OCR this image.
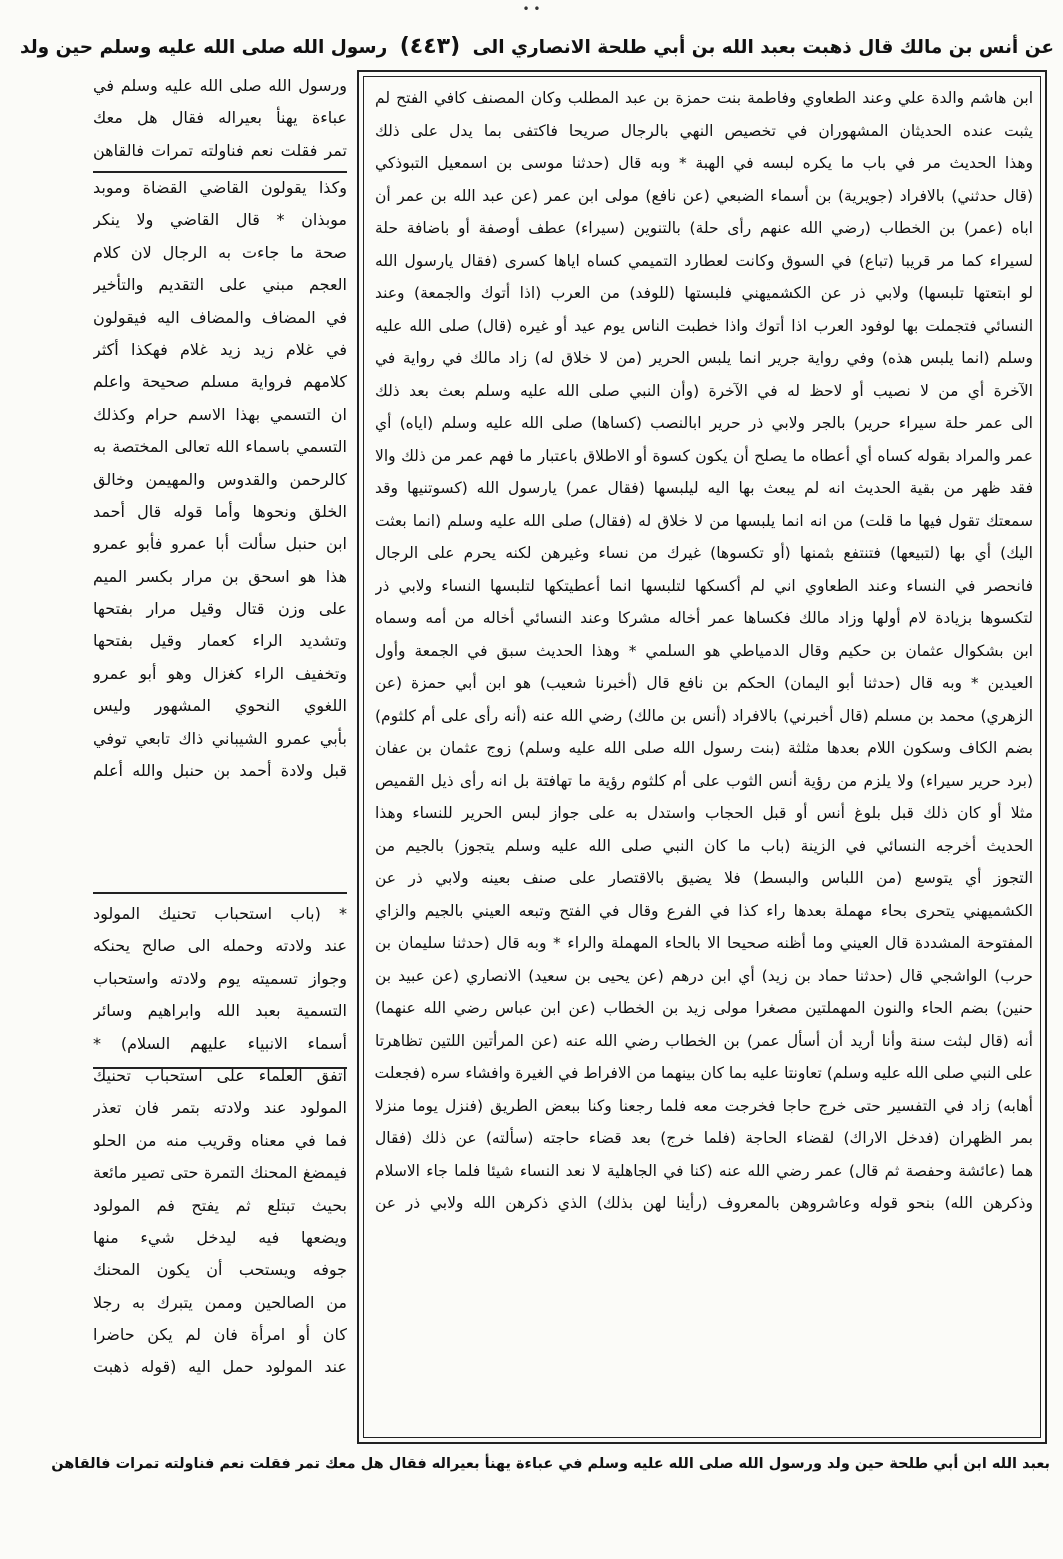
• •
عن أنس بن مالك قال ذهبت بعبد الله بن أبي طلحة الانصاري الى (٤٤٣) رسول الله صلى الله عليه وسلم حين ولد
ابن هاشم والدة علي وعند الطعاوي وفاطمة بنت حمزة بن عبد المطلب وكان المصنف كافي الفتح لم
يثبت عنده الحديثان المشهوران في تخصيص النهي بالرجال صريحا فاكتفى بما يدل على ذلك
وهذا الحديث مر في باب ما يكره لبسه في الهبة * وبه قال (حدثنا موسى بن اسمعيل التبوذكي
(قال حدثني) بالافراد (جويرية) بن أسماء الضبعي (عن نافع) مولى ابن عمر (عن عبد الله بن عمر أن
اباه (عمر) بن الخطاب (رضي الله عنهم رأى حلة) بالتنوين (سيراء) عطف أوصفة أو باضافة حلة
لسيراء كما مر قريبا (تباع) في السوق وكانت لعطارد التميمي كساه اياها كسرى (فقال يارسول الله
لو ابتعتها تلبسها) ولابي ذر عن الكشميهني فلبستها (للوفد) من العرب (اذا أتوك والجمعة) وعند
النسائي فتجملت بها لوفود العرب اذا أتوك واذا خطبت الناس يوم عيد أو غيره (قال) صلى الله عليه
وسلم (انما يلبس هذه) وفي رواية جرير انما يلبس الحرير (من لا خلاق له) زاد مالك في رواية في
الآخرة أي من لا نصيب أو لاحظ له في الآخرة (وأن النبي صلى الله عليه وسلم بعث بعد ذلك
الى عمر حلة سيراء حرير) بالجر ولابي ذر حرير ابالنصب (كساها) صلى الله عليه وسلم (اياه) أي
عمر والمراد بقوله كساه أي أعطاه ما يصلح أن يكون كسوة أو الاطلاق باعتبار ما فهم عمر من ذلك والا
فقد ظهر من بقية الحديث انه لم يبعث بها اليه ليلبسها (فقال عمر) يارسول الله (كسوتنيها وقد
سمعتك تقول فيها ما قلت) من انه انما يلبسها من لا خلاق له (فقال) صلى الله عليه وسلم (انما بعثت
اليك) أي بها (لتبيعها) فتنتفع بثمنها (أو تكسوها) غيرك من نساء وغيرهن لكنه يحرم على الرجال
فانحصر في النساء وعند الطعاوي اني لم أكسكها لتلبسها انما أعطيتكها لتلبسها النساء ولابي ذر
لتكسوها بزيادة لام أولها وزاد مالك فكساها عمر أخاله مشركا وعند النسائي أخاله من أمه وسماه
ابن بشكوال عثمان بن حكيم وقال الدمياطي هو السلمي * وهذا الحديث سبق في الجمعة وأول
العيدين * وبه قال (حدثنا أبو اليمان) الحكم بن نافع قال (أخبرنا شعيب) هو ابن أبي حمزة (عن
الزهري) محمد بن مسلم (قال أخبرني) بالافراد (أنس بن مالك) رضي الله عنه (أنه رأى على أم كلثوم)
بضم الكاف وسكون اللام بعدها مثلثة (بنت رسول الله صلى الله عليه وسلم) زوج عثمان بن عفان
(برد حرير سيراء) ولا يلزم من رؤية أنس الثوب على أم كلثوم رؤية ما تهافتة بل انه رأى ذيل القميص
مثلا أو كان ذلك قبل بلوغ أنس أو قبل الحجاب واستدل به على جواز لبس الحرير للنساء وهذا
الحديث أخرجه النسائي في الزينة (باب ما كان النبي صلى الله عليه وسلم يتجوز) بالجيم من
التجوز أي يتوسع (من اللباس والبسط) فلا يضيق بالاقتصار على صنف بعينه ولابي ذر عن
الكشميهني يتحرى بحاء مهملة بعدها راء كذا في الفرع وقال في الفتح وتبعه العيني بالجيم والزاي
المفتوحة المشددة قال العيني وما أظنه صحيحا الا بالحاء المهملة والراء * وبه قال (حدثنا سليمان بن
حرب) الواشجي قال (حدثنا حماد بن زيد) أي ابن درهم (عن يحيى بن سعيد) الانصاري (عن عبيد بن
حنين) بضم الحاء والنون المهملتين مصغرا مولى زيد بن الخطاب (عن ابن عباس رضي الله عنهما)
أنه (قال لبثت سنة وأنا أريد أن أسأل عمر) بن الخطاب رضي الله عنه (عن المرأتين اللتين تظاهرتا
على النبي صلى الله عليه وسلم) تعاونتا عليه بما كان بينهما من الافراط في الغيرة وافشاء سره (فجعلت
أهابه) زاد في التفسير حتى خرج حاجا فخرجت معه فلما رجعنا وكنا ببعض الطريق (فنزل يوما منزلا
بمر الظهران (فدخل الاراك) لقضاء الحاجة (فلما خرج) بعد قضاء حاجته (سألته) عن ذلك (فقال
هما (عائشة وحفصة ثم قال) عمر رضي الله عنه (كنا في الجاهلية لا نعد النساء شيئا فلما جاء الاسلام
وذكرهن الله) بنحو قوله وعاشروهن بالمعروف (رأينا لهن بذلك) الذي ذكرهن الله ولابي ذر عن
ورسول الله صلى الله عليه وسلم في
عباءة يهنأ بعيراله فقال هل معك
تمر فقلت نعم فناولته تمرات فالقاهن
وكذا يقولون القاضي القضاة وموبد
موبذان * قال القاضي ولا ينكر
صحة ما جاءت به الرجال لان كلام
العجم مبني على التقديم والتأخير
في المضاف والمضاف اليه فيقولون
في غلام زيد زيد غلام فهكذا أكثر
كلامهم فرواية مسلم صحيحة واعلم
ان التسمي بهذا الاسم حرام وكذلك
التسمي باسماء الله تعالى المختصة به
كالرحمن والقدوس والمهيمن وخالق
الخلق ونحوها وأما قوله قال أحمد
ابن حنبل سألت أبا عمرو فأبو عمرو
هذا هو اسحق بن مرار بكسر الميم
على وزن قتال وقيل مرار بفتحها
وتشديد الراء كعمار وقيل بفتحها
وتخفيف الراء كغزال وهو أبو عمرو
اللغوي النحوي المشهور وليس
بأبي عمرو الشيباني ذاك تابعي توفي
قبل ولادة أحمد بن حنبل والله أعلم
* (باب استحباب تحنيك المولود
عند ولادته وحمله الى صالح يحنكه
وجواز تسميته يوم ولادته واستحباب
التسمية بعبد الله وابراهيم وسائر
أسماء الانبياء عليهم السلام) *
اتفق العلماء على استحباب تحنيك
المولود عند ولادته بتمر فان تعذر
فما في معناه وقريب منه من الحلو
فيمضغ المحنك التمرة حتى تصير مائعة
بحيث تبتلع ثم يفتح فم المولود
ويضعها فيه ليدخل شيء منها
جوفه ويستحب أن يكون المحنك
من الصالحين وممن يتبرك به رجلا
كان أو امرأة فان لم يكن حاضرا
عند المولود حمل اليه (قوله ذهبت
بعبد الله ابن أبي طلحة حين ولد ورسول الله صلى الله عليه وسلم في عباءة يهنأ بعيراله فقال هل معك تمر فقلت نعم فناولته تمرات فالقاهن
